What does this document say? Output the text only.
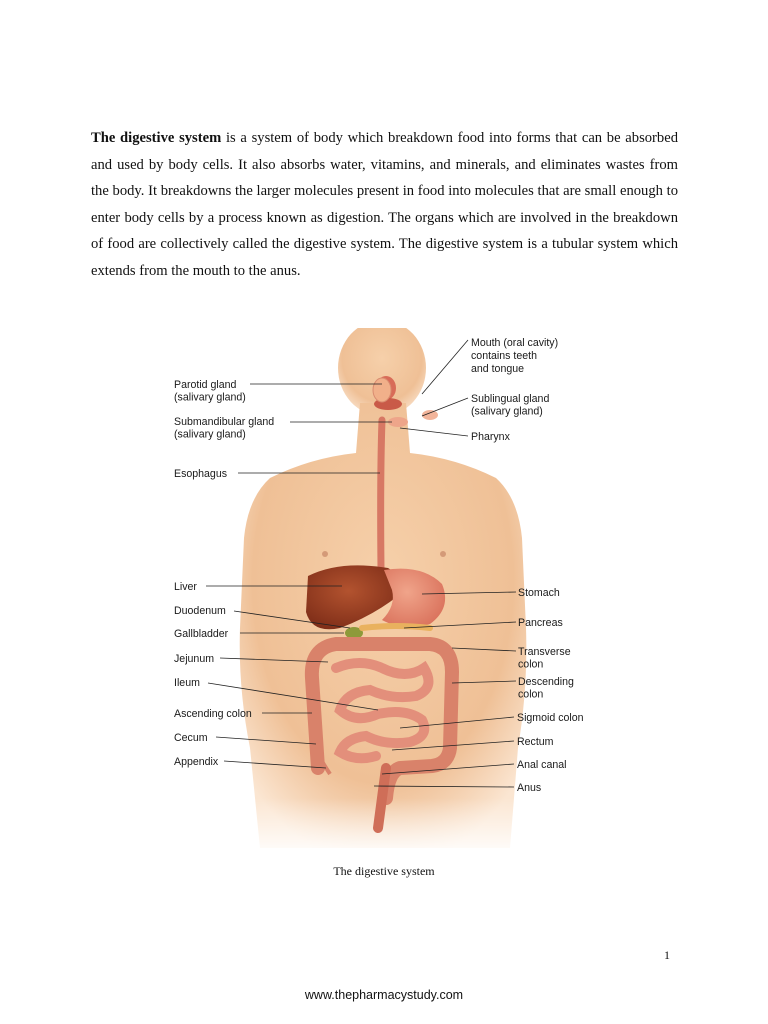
The digestive system is a system of body which breakdown food into forms that can be absorbed and used by body cells. It also absorbs water, vitamins, and minerals, and eliminates wastes from the body. It breakdowns the larger molecules present in food into molecules that are small enough to enter body cells by a process known as digestion. The organs which are involved in the breakdown of food are collectively called the digestive system. The digestive system is a tubular system which extends from the mouth to the anus.

Parotid gland (salivary gland)
Submandibular gland (salivary gland)
Esophagus
Liver
Duodenum
Gallbladder
Jejunum
Ileum
Ascending colon
Cecum
Appendix
Mouth (oral cavity) contains teeth and tongue
Sublingual gland (salivary gland)
Pharynx
Stomach
Pancreas
Transverse colon
Descending colon
Sigmoid colon
Rectum
Anal canal
Anus
The digestive system
1
www.thepharmacystudy.com
